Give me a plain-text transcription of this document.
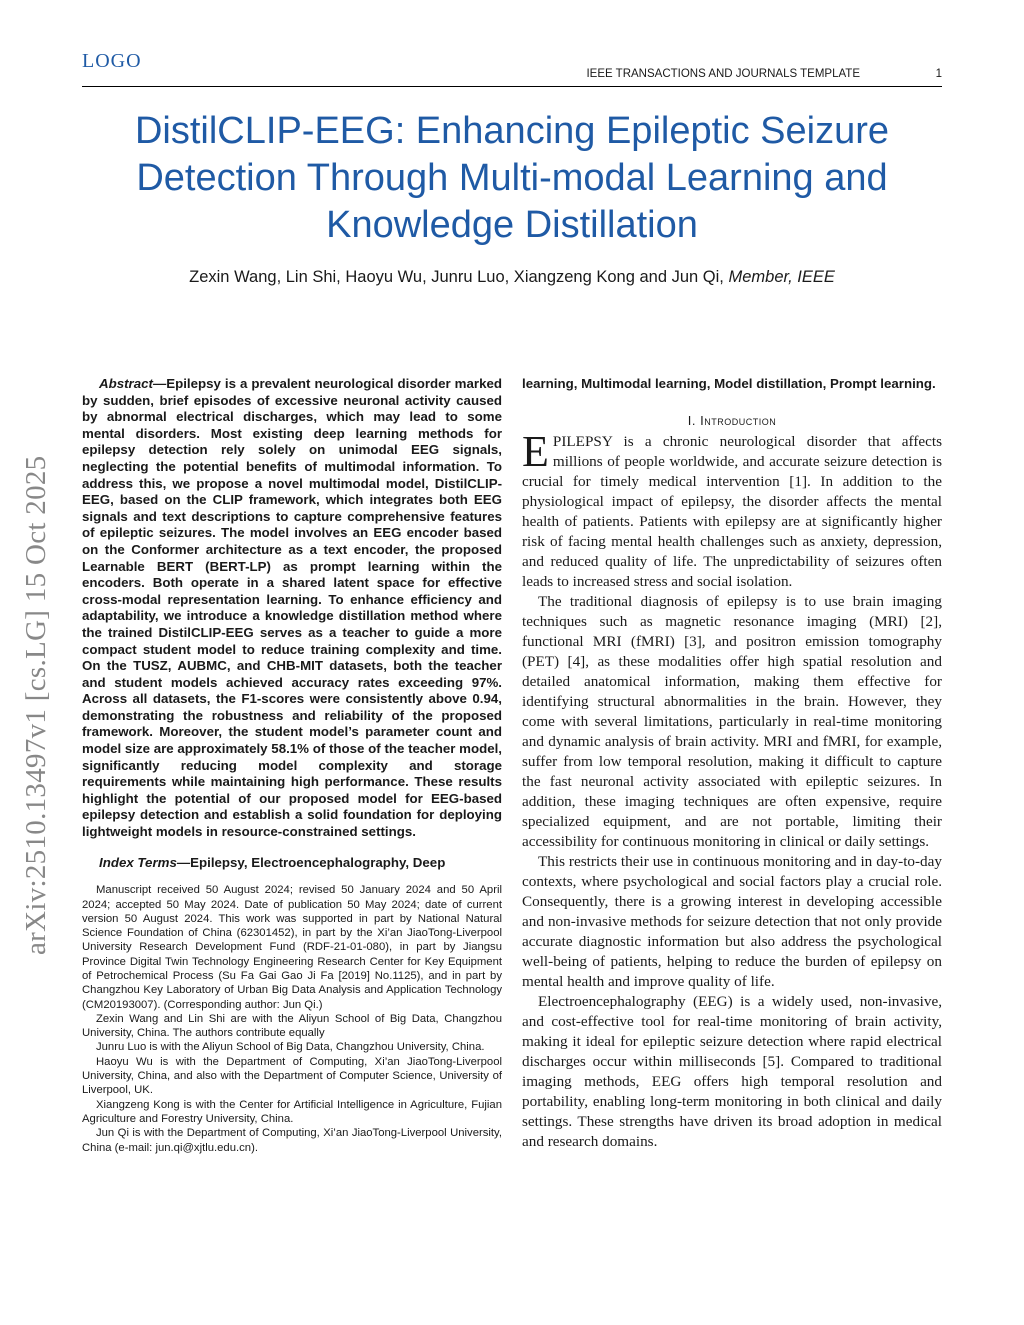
LOGO
IEEE TRANSACTIONS AND JOURNALS TEMPLATE	1
DistilCLIP-EEG: Enhancing Epileptic Seizure Detection Through Multi-modal Learning and Knowledge Distillation
Zexin Wang, Lin Shi, Haoyu Wu, Junru Luo, Xiangzeng Kong and Jun Qi, Member, IEEE
arXiv:2510.13497v1 [cs.LG] 15 Oct 2025

Abstract—Epilepsy is a prevalent neurological disorder marked by sudden, brief episodes of excessive neuronal activity caused by abnormal electrical discharges, which may lead to some mental disorders. Most existing deep learning methods for epilepsy detection rely solely on unimodal EEG signals, neglecting the potential benefits of multimodal information. To address this, we propose a novel multimodal model, DistilCLIP-EEG, based on the CLIP framework, which integrates both EEG signals and text descriptions to capture comprehensive features of epileptic seizures. The model involves an EEG encoder based on the Conformer architecture as a text encoder, the proposed Learnable BERT (BERT-LP) as prompt learning within the encoders. Both operate in a shared latent space for effective cross-modal representation learning. To enhance efficiency and adaptability, we introduce a knowledge distillation method where the trained DistilCLIP-EEG serves as a teacher to guide a more compact student model to reduce training complexity and time. On the TUSZ, AUBMC, and CHB-MIT datasets, both the teacher and student models achieved accuracy rates exceeding 97%. Across all datasets, the F1-scores were consistently above 0.94, demonstrating the robustness and reliability of the proposed framework. Moreover, the student model’s parameter count and model size are approximately 58.1% of those of the teacher model, significantly reducing model complexity and storage requirements while maintaining high performance. These results highlight the potential of our proposed model for EEG-based epilepsy detection and establish a solid foundation for deploying lightweight models in resource-constrained settings.

Index Terms—Epilepsy, Electroencephalography, Deep

Manuscript received 50 August 2024; revised 50 January 2024 and 50 April 2024; accepted 50 May 2024. Date of publication 50 May 2024; date of current version 50 August 2024. This work was supported in part by National Natural Science Foundation of China (62301452), in part by the Xi’an JiaoTong-Liverpool University Research Development Fund (RDF-21-01-080), in part by Jiangsu Province Digital Twin Technology Engineering Research Center for Key Equipment of Petrochemical Process (Su Fa Gai Gao Ji Fa [2019] No.1125), and in part by Changzhou Key Laboratory of Urban Big Data Analysis and Application Technology (CM20193007). (Corresponding author: Jun Qi.)

Zexin Wang and Lin Shi are with the Aliyun School of Big Data, Changzhou University, China. The authors contribute equally

Junru Luo is with the Aliyun School of Big Data, Changzhou University, China.

Haoyu Wu is with the Department of Computing, Xi’an JiaoTong-Liverpool University, China, and also with the Department of Computer Science, University of Liverpool, UK.

Xiangzeng Kong is with the Center for Artificial Intelligence in Agriculture, Fujian Agriculture and Forestry University, China.

Jun Qi is with the Department of Computing, Xi’an JiaoTong-Liverpool University, China (e-mail: jun.qi@xjtlu.edu.cn).

learning, Multimodal learning, Model distillation, Prompt learning.

I. Introduction

EPILEPSY is a chronic neurological disorder that affects millions of people worldwide, and accurate seizure detection is crucial for timely medical intervention [1]. In addition to the physiological impact of epilepsy, the disorder affects the mental health of patients. Patients with epilepsy are at significantly higher risk of facing mental health challenges such as anxiety, depression, and reduced quality of life. The unpredictability of seizures often leads to increased stress and social isolation.

The traditional diagnosis of epilepsy is to use brain imaging techniques such as magnetic resonance imaging (MRI) [2], functional MRI (fMRI) [3], and positron emission tomography (PET) [4], as these modalities offer high spatial resolution and detailed anatomical information, making them effective for identifying structural abnormalities in the brain. However, they come with several limitations, particularly in real-time monitoring and dynamic analysis of brain activity. MRI and fMRI, for example, suffer from low temporal resolution, making it difficult to capture the fast neuronal activity associated with epileptic seizures. In addition, these imaging techniques are often expensive, require specialized equipment, and are not portable, limiting their accessibility for continuous monitoring in clinical or daily settings.

This restricts their use in continuous monitoring and in day-to-day contexts, where psychological and social factors play a crucial role. Consequently, there is a growing interest in developing accessible and non-invasive methods for seizure detection that not only provide accurate diagnostic information but also address the psychological well-being of patients, helping to reduce the burden of epilepsy on mental health and improve quality of life.

Electroencephalography (EEG) is a widely used, non-invasive, and cost-effective tool for real-time monitoring of brain activity, making it ideal for epileptic seizure detection where rapid electrical discharges occur within milliseconds [5]. Compared to traditional imaging methods, EEG offers high temporal resolution and portability, enabling long-term monitoring in both clinical and daily settings. These strengths have driven its broad adoption in medical and research domains.
